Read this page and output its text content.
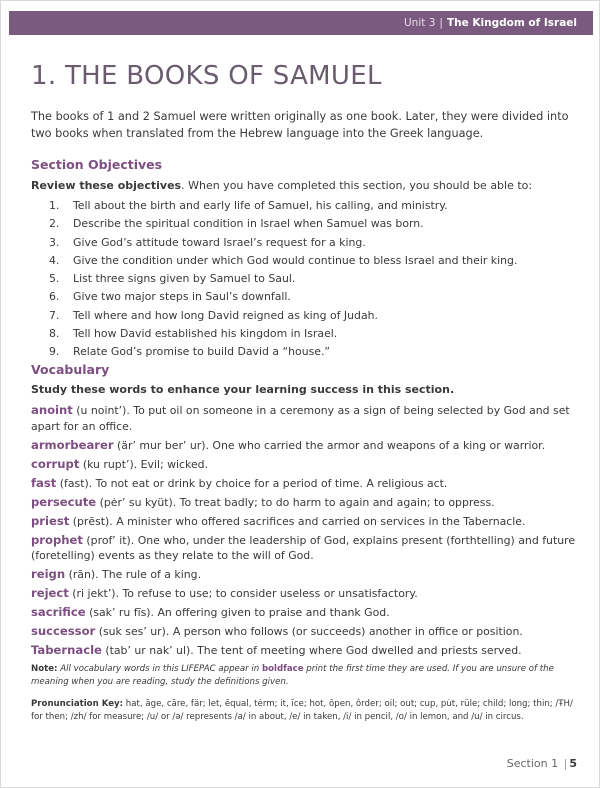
Unit 3 | The Kingdom of Israel
1. THE BOOKS OF SAMUEL

The books of 1 and 2 Samuel were written originally as one book. Later, they were divided into two books when translated from the Hebrew language into the Greek language.

Section Objectives
Review these objectives. When you have completed this section, you should be able to:
1.	Tell about the birth and early life of Samuel, his calling, and ministry.
2.	Describe the spiritual condition in Israel when Samuel was born.
3.	Give God’s attitude toward Israel’s request for a king.
4.	Give the condition under which God would continue to bless Israel and their king.
5.	List three signs given by Samuel to Saul.
6.	Give two major steps in Saul’s downfall.
7.	Tell where and how long David reigned as king of Judah.
8.	Tell how David established his kingdom in Israel.
9.	Relate God’s promise to build David a “house.”
Vocabulary
Study these words to enhance your learning success in this section.
anoint (u noint’). To put oil on someone in a ceremony as a sign of being selected by God and set apart for an office.
armorbearer (är’ mur ber’ ur). One who carried the armor and weapons of a king or warrior.
corrupt (ku rupt’). Evil; wicked.
fast (fast). To not eat or drink by choice for a period of time. A religious act.
persecute (pėr’ su kyüt). To treat badly; to do harm to again and again; to oppress.
priest (prēst). A minister who offered sacrifices and carried on services in the Tabernacle.
prophet (prof’ it). One who, under the leadership of God, explains present (forthtelling) and future (foretelling) events as they relate to the will of God.
reign (rān). The rule of a king.
reject (ri jekt’). To refuse to use; to consider useless or unsatisfactory.
sacrifice (sak’ ru fīs). An offering given to praise and thank God.
successor (suk ses’ ur). A person who follows (or succeeds) another in office or position.
Tabernacle (tab’ ur nak’ ul). The tent of meeting where God dwelled and priests served.

Note: All vocabulary words in this LIFEPAC appear in boldface print the first time they are used. If you are unsure of the meaning when you are reading, study the definitions given.

Pronunciation Key: hat, āge, cãre, fär; let, ēqual, tėrm; it, īce; hot, ōpen, ôrder; oil; out; cup, pu̇t, rüle; child; long; thin; /ŦH/ for then; /zh/ for measure; /u/ or /ə/ represents /a/ in about, /e/ in taken, /i/ in pencil, /o/ in lemon, and /u/ in circus.

Section 1 | 5
